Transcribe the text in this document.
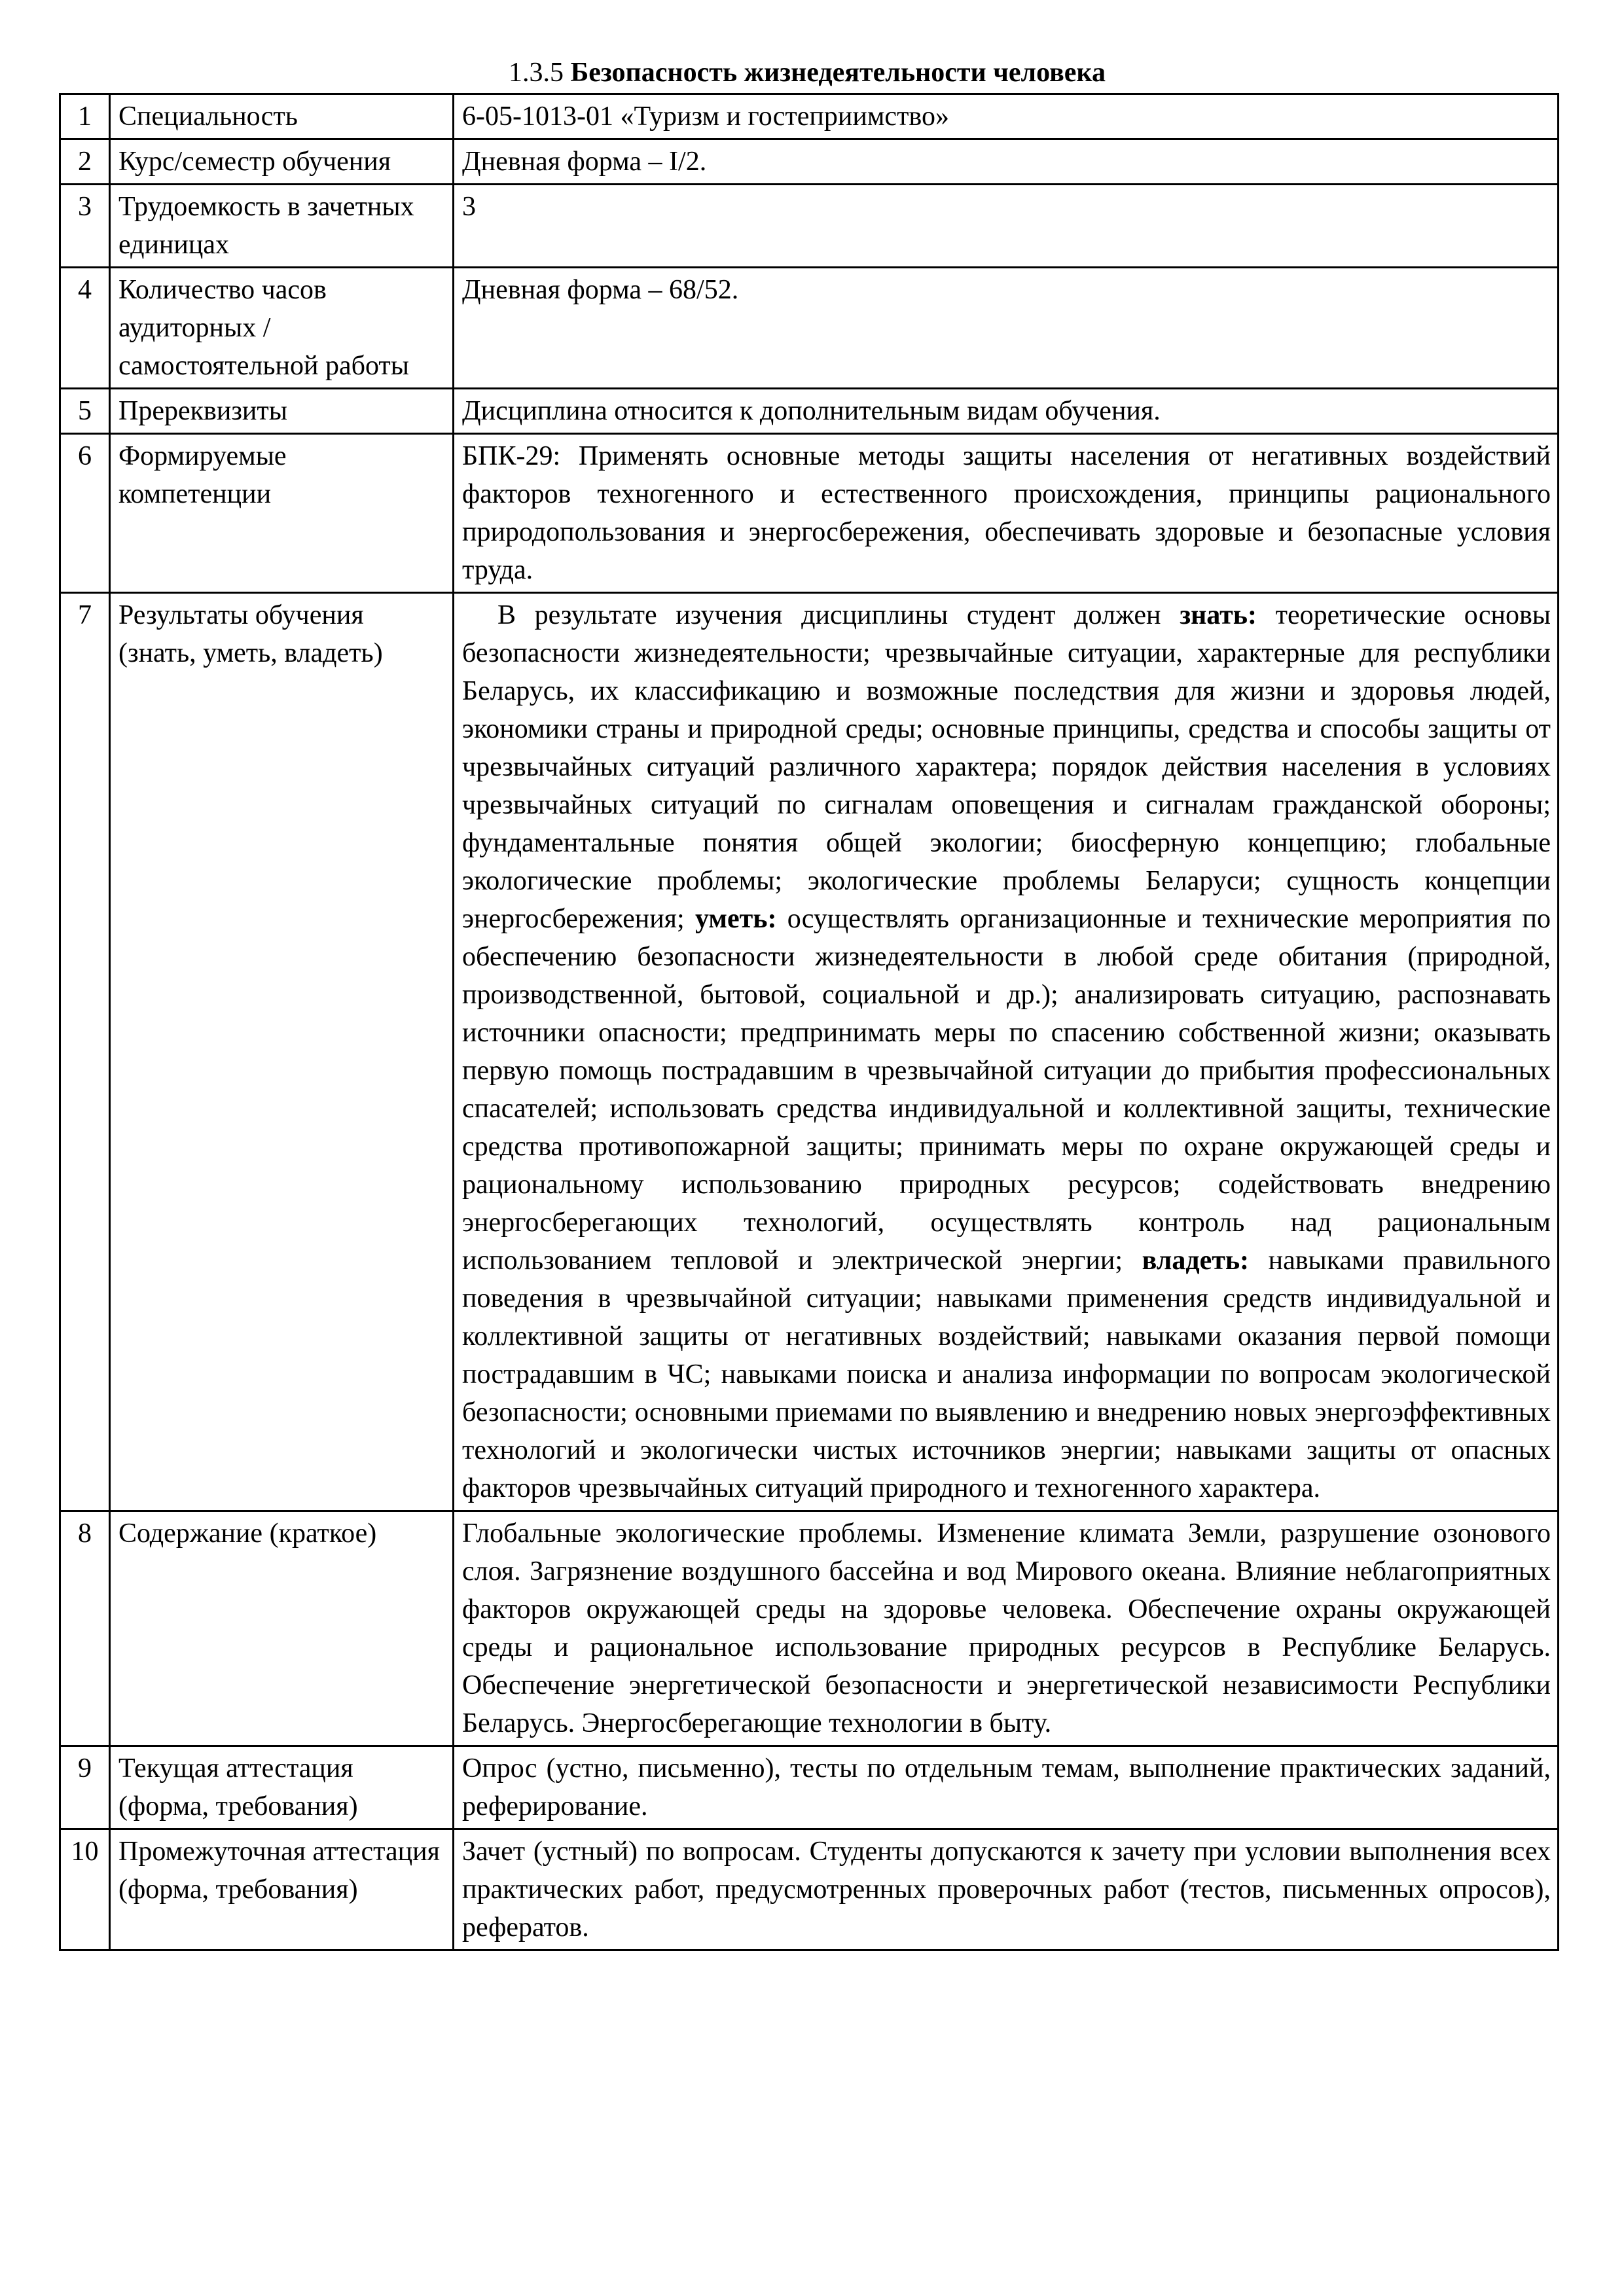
1.3.5 Безопасность жизнедеятельности человека
1	Специальность	6-05-1013-01 «Туризм и гостеприимство»
2	Курс/семестр обучения	Дневная форма – I/2.
3	Трудоемкость в зачетных единицах	3
4	Количество часов аудиторных / самостоятельной работы	Дневная форма – 68/52.
5	Пререквизиты	Дисциплина относится к дополнительным видам обучения.
6	Формируемые компетенции	БПК-29: Применять основные методы защиты населения от негативных воздействий факторов техногенного и естественного происхождения, принципы рационального природопользования и энергосбережения, обеспечивать здоровые и безопасные условия труда.
7	Результаты обучения (знать, уметь, владеть)	В результате изучения дисциплины студент должен знать: теоретические основы безопасности жизнедеятельности; чрезвычайные ситуации, характерные для республики Беларусь, их классификацию и возможные последствия для жизни и здоровья людей, экономики страны и природной среды; основные принципы, средства и способы защиты от чрезвычайных ситуаций различного характера; порядок действия населения в условиях чрезвычайных ситуаций по сигналам оповещения и сигналам гражданской обороны; фундаментальные понятия общей экологии; биосферную концепцию; глобальные экологические проблемы; экологические проблемы Беларуси; сущность концепции энергосбережения; уметь: осуществлять организационные и технические мероприятия по обеспечению безопасности жизнедеятельности в любой среде обитания (природной, производственной, бытовой, социальной и др.); анализировать ситуацию, распознавать источники опасности; предпринимать меры по спасению собственной жизни; оказывать первую помощь пострадавшим в чрезвычайной ситуации до прибытия профессиональных спасателей; использовать средства индивидуальной и коллективной защиты, технические средства противопожарной защиты; принимать меры по охране окружающей среды и рациональному использованию природных ресурсов; содействовать внедрению энергосберегающих технологий, осуществлять контроль над рациональным использованием тепловой и электрической энергии; владеть: навыками правильного поведения в чрезвычайной ситуации; навыками применения средств индивидуальной и коллективной защиты от негативных воздействий; навыками оказания первой помощи пострадавшим в ЧС; навыками поиска и анализа информации по вопросам экологической безопасности; основными приемами по выявлению и внедрению новых энергоэффективных технологий и экологически чистых источников энергии; навыками защиты от опасных факторов чрезвычайных ситуаций природного и техногенного характера.
8	Содержание (краткое)	Глобальные экологические проблемы. Изменение климата Земли, разрушение озонового слоя. Загрязнение воздушного бассейна и вод Мирового океана. Влияние неблагоприятных факторов окружающей среды на здоровье человека. Обеспечение охраны окружающей среды и рациональное использование природных ресурсов в Республике Беларусь. Обеспечение энергетической безопасности и энергетической независимости Республики Беларусь. Энергосберегающие технологии в быту.
9	Текущая аттестация (форма, требования)	Опрос (устно, письменно), тесты по отдельным темам, выполнение практических заданий, реферирование.
10	Промежуточная аттестация (форма, требования)	Зачет (устный) по вопросам. Студенты допускаются к зачету при условии выполнения всех практических работ, предусмотренных проверочных работ (тестов, письменных опросов), рефератов.
